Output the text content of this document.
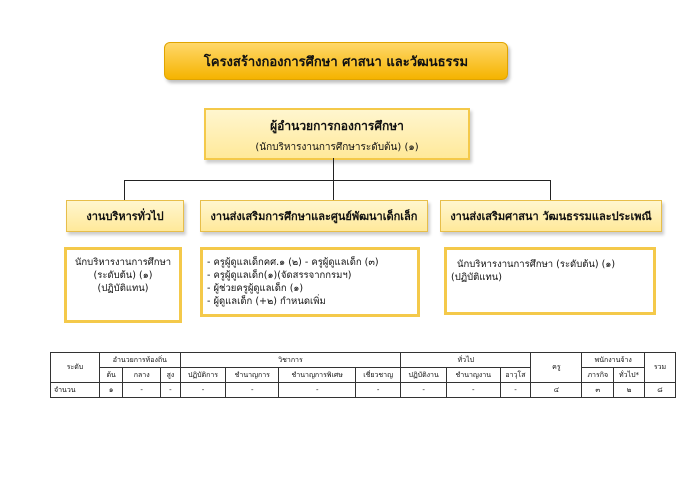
โครงสร้างกองการศึกษา ศาสนา และวัฒนธรรม
ผู้อำนวยการกองการศึกษา
(นักบริหารงานการศึกษาระดับต้น) (๑)
งานบริหารทั่วไป	งานส่งเสริมการศึกษาและศูนย์พัฒนาเด็กเล็ก	งานส่งเสริมศาสนา วัฒนธรรมและประเพณี
นักบริหารงานการศึกษา
(ระดับต้น) (๑)
(ปฏิบัติแทน)
- ครูผู้ดูแลเด็กคศ.๑ (๒) - ครูผู้ดูแลเด็ก (๓)
- ครูผู้ดูแลเด็ก(๑)(จัดสรรจากกรมฯ)
- ผู้ช่วยครูผู้ดูแลเด็ก (๑)
- ผู้ดูแลเด็ก (+๒) กำหนดเพิ่ม
นักบริหารงานการศึกษา (ระดับต้น) (๑)
(ปฏิบัติแทน)
ระดับ	อำนวยการท้องถิ่น			วิชาการ				ทั่วไป			ครู	พนักงานจ้าง		รวม
	ต้น	กลาง	สูง	ปฏิบัติการ	ชำนาญการ	ชำนาญการพิเศษ	เชี่ยวชาญ	ปฏิบัติงาน	ชำนาญงาน	อาวุโส		ภารกิจ	ทั่วไป*	
จำนวน	๑	-	-	-	-	-	-	-	-	-	๔	๓	๒	๘
